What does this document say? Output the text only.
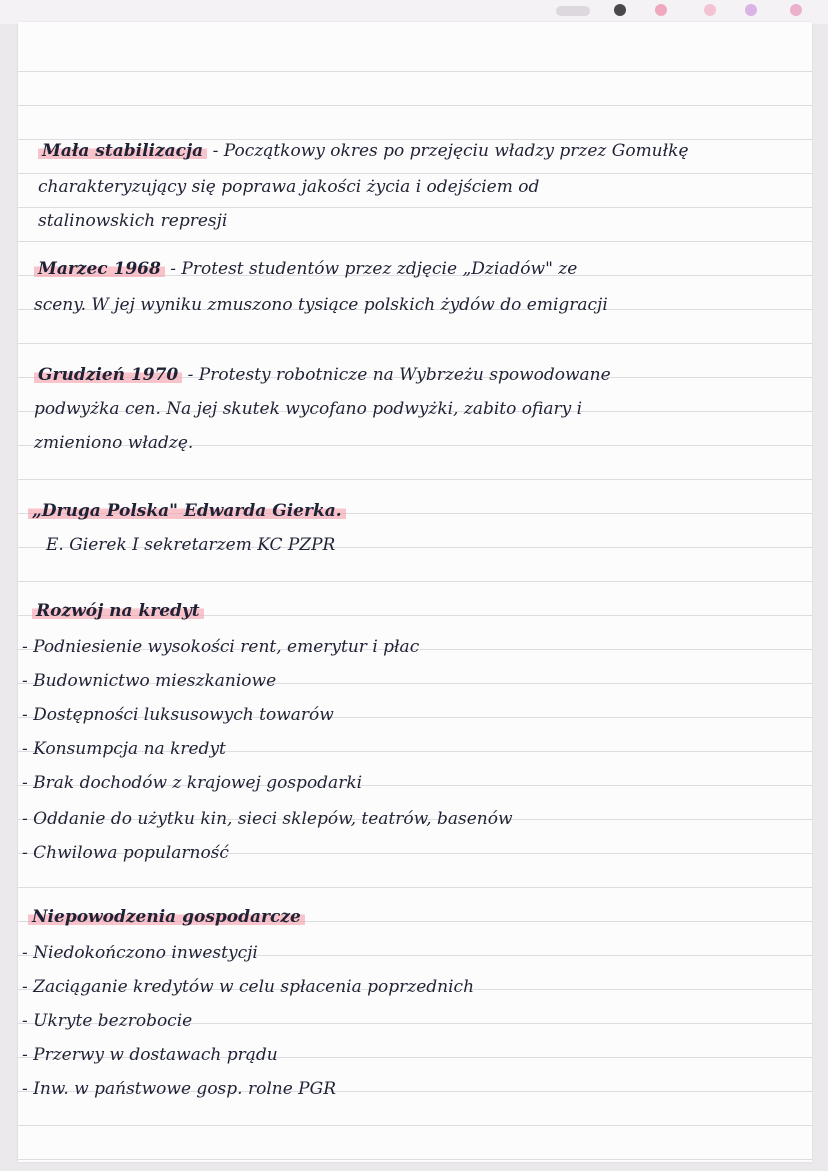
Mała stabilizacja - Początkowy okres po przejęciu władzy przez Gomułkę
charakteryzujący się poprawa jakości życia i odejściem od
stalinowskich represji
Marzec 1968 - Protest studentów przez zdjęcie „Dziadów" ze
sceny. W jej wyniku zmuszono tysiące polskich żydów do emigracji
Grudzień 1970 - Protesty robotnicze na Wybrzeżu spowodowane
podwyżka cen. Na jej skutek wycofano podwyżki, zabito ofiary i
zmieniono władzę.
„Druga Polska" Edwarda Gierka.
E. Gierek I sekretarzem KC PZPR
Rozwój na kredyt
- Podniesienie wysokości rent, emerytur i płac
- Budownictwo mieszkaniowe
- Dostępności luksusowych towarów
- Konsumpcja na kredyt
- Brak dochodów z krajowej gospodarki
- Oddanie do użytku kin, sieci sklepów, teatrów, basenów
- Chwilowa popularność
Niepowodzenia gospodarcze
- Niedokończono inwestycji
- Zaciąganie kredytów w celu spłacenia poprzednich
- Ukryte bezrobocie
- Przerwy w dostawach prądu
- Inw. w państwowe gosp. rolne PGR
